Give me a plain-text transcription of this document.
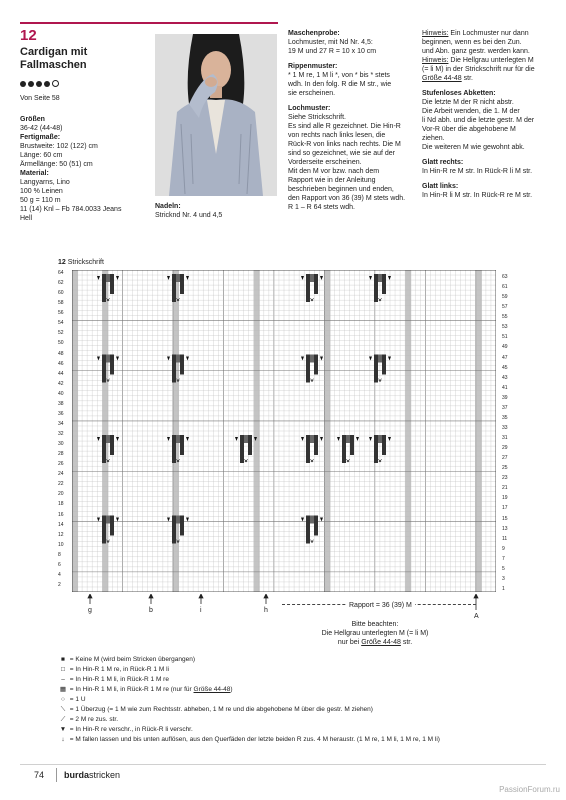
12
Cardigan mit
Fallmaschen
Von Seite 58

Größen

36-42 (44-48)

Fertigmaße:

Brustweite: 102 (122) cm

Länge: 60 cm

Ärmellänge: 50 (51) cm

Material:

Langyarns, Lino

100 % Leinen

50 g = 110 m

11 (14) Knl – Fb 784.0033 Jeans

Hell

Nadeln:

Stricknd Nr. 4 und 4,5

Maschenprobe:

Lochmuster, mit Nd Nr. 4,5:

19 M und 27 R = 10 x 10 cm

Rippenmuster:

* 1 M re, 1 M li *, von * bis * stets

wdh. In den folg. R die M str., wie

sie erscheinen.

Lochmuster:

Siehe Strickschrift.

Es sind alle R gezeichnet. Die Hin-R

von rechts nach links lesen, die

Rück-R von links nach rechts. Die M

sind so gezeichnet, wie sie auf der

Vorderseite erscheinen.

Mit den M vor bzw. nach dem

Rapport wie in der Anleitung

beschrieben beginnen und enden,

den Rapport von 36 (39) M stets wdh.

R 1 – R 64 stets wdh.

Hinweis: Ein Lochmuster nur dann

beginnen, wenn es bei den Zun.

und Abn. ganz gestr. werden kann.

Hinweis: Die Hellgrau unterlegten M

(= li M) in der Strickschrift nur für die

Größe 44-48 str.

Stufenloses Abketten:

Die letzte M der R nicht abstr.

Die Arbeit wenden, die 1. M der

li Nd abh. und die letzte gestr. M der

Vor-R über die abgehobene M

ziehen.

Die weiteren M wie gewohnt abk.

Glatt rechts:

In Hin-R re M str. In Rück-R li M str.

Glatt links:

In Hin-R li M str. In Rück-R re M str.

12 Strickschrift
2
4
6
8
10
12
14
16
18
20
22
24
26
28
30
32
34
36
38
40
42
44
46
48
50
52
54
56
58
60
62
64
1
3
5
7
9
11
13
15
17
19
21
23
25
27
29
31
33
35
37
39
41
43
45
47
49
51
53
55
57
59
61
63
g	b	i	h
A
Rapport = 36 (39) M
Bitte beachten:
Die Hellgrau unterlegten M (= li M)
nur bei Größe 44-48 str.
■ = Keine M (wird beim Stricken übergangen)
□ = In Hin-R 1 M re, in Rück-R 1 M li
– = In Hin-R 1 M li, in Rück-R 1 M re
▦ = In Hin-R 1 M li, in Rück-R 1 M re (nur für Größe 44-48)
○ = 1 U
⟍ = 1 Überzug (= 1 M wie zum Rechtsstr. abheben, 1 M re und die abgehobene M über die gestr. M ziehen)
⟋ = 2 M re zus. str.
▼ = In Hin-R re verschr., in Rück-R li verschr.
↓ = M fallen lassen und bis unten auflösen, aus den Querfäden der letzte beiden R zus. 4 M heraustr. (1 M re, 1 M li, 1 M re, 1 M li)
74 burdastricken
PassionForum.ru
